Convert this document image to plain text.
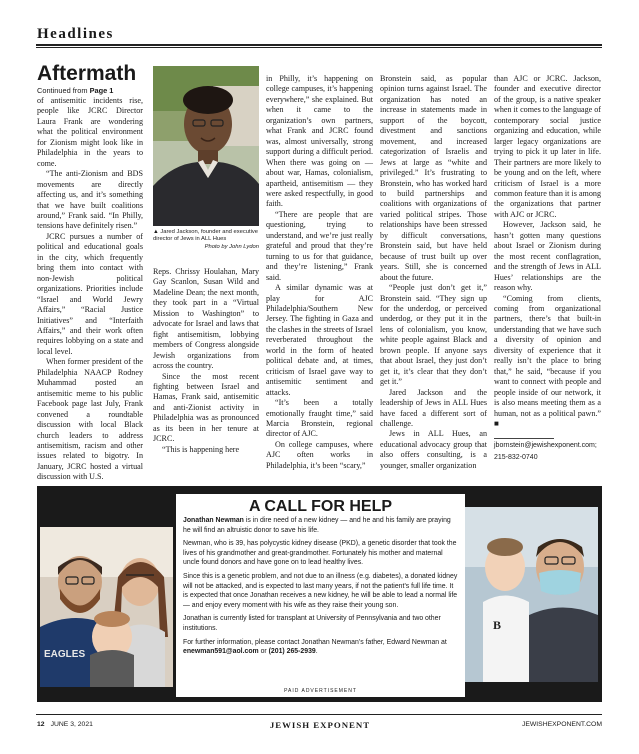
Headlines
Aftermath
Continued from Page 1

of antisemitic incidents rise, people like JCRC Director Laura Frank are wondering what the political environment for Zionism might look like in Philadelphia in the years to come.

“The anti-Zionism and BDS movements are directly affecting us, and it’s something that we have built coalitions around,” Frank said. “In Philly, tensions have definitely risen.”

JCRC pursues a number of political and educational goals in the city, which frequently bring them into contact with non-Jewish political organizations. Priorities include “Israel and World Jewry Affairs,” “Racial Justice Initiatives” and “Interfaith Affairs,” and their work often requires lobbying on a state and local level.

When former president of the Philadelphia NAACP Rodney Muhammad posted an antisemitic meme to his public Facebook page last July, Frank convened a roundtable discussion with local Black church leaders to address antisemitism, racism and other issues related to bigotry. In January, JCRC hosted a virtual discussion with U.S.

▲ Jared Jackson, founder and executive director of Jews in ALL Hues
Photo by John Lydon

Reps. Chrissy Houlahan, Mary Gay Scanlon, Susan Wild and Madeline Dean; the next month, they took part in a “Virtual Mission to Washington” to advocate for Israel and laws that fight antisemitism, lobbying members of Congress alongside Jewish organizations from across the country.

Since the most recent fighting between Israel and Hamas, Frank said, antisemitic and anti-Zionist activity in Philadelphia was as pronounced as its been in her tenure at JCRC.

“This is happening here

in Philly, it’s happening on college campuses, it’s happening everywhere,” she explained. But when it came to the organization’s own partners, what Frank and JCRC found was, almost universally, strong support during a difficult period. When there was going on — about war, Hamas, colonialism, apartheid, antisemitism — they were asked respectfully, in good faith.

“There are people that are questioning, trying to understand, and we’re just really grateful and proud that they’re turning to us for that guidance, and they’re listening,” Frank said.

A similar dynamic was at play for AJC Philadelphia/Southern New Jersey. The fighting in Gaza and the clashes in the streets of Israel reverberated throughout the world in the form of heated political debate and, at times, criticism of Israel gave way to antisemitic sentiment and attacks.

“It’s been a totally emotionally fraught time,” said Marcia Bronstein, regional director of AJC.

On college campuses, where AJC often works in Philadelphia, it’s been “scary,”

Bronstein said, as popular opinion turns against Israel. The organization has noted an increase in statements made in support of the boycott, divestment and sanctions movement, and increased categorization of Israelis and Jews at large as “white and privileged.” It’s frustrating to Bronstein, who has worked hard to build partnerships and coalitions with organizations of varied political stripes. Those relationships have been stressed by difficult conversations, Bronstein said, but have held because of trust built up over years. Still, she is concerned about the future.

“People just don’t get it,” Bronstein said. “They sign up for the underdog, or perceived underdog, or they put it in the lens of colonialism, you know, white people against Black and brown people. If anyone says that about Israel, they just don’t get it, it’s clear that they don’t get it.”

Jared Jackson and the leadership of Jews in ALL Hues have faced a different sort of challenge.

Jews in ALL Hues, an educational advocacy group that also offers consulting, is a younger, smaller organization

than AJC or JCRC. Jackson, founder and executive director of the group, is a native speaker when it comes to the language of contemporary social justice organizing and education, while larger legacy organizations are trying to pick it up later in life. Their partners are more likely to be young and on the left, where criticism of Israel is a more common feature than it is among the organizations that partner with AJC or JCRC.

However, Jackson said, he hasn’t gotten many questions about Israel or Zionism during the most recent conflagration, and the strength of Jews in ALL Hues’ relationships are the reason why.

“Coming from clients, coming from organizational partners, there’s that built-in understanding that we have such a diversity of opinion and diversity of experience that it really isn’t the place to bring that,” he said, “because if you want to connect with people and people inside of our network, it is also means meeting them as a human, not as a political pawn.” ■

jbornstein@jewishexponent.com;
215-832-0740
EAGLES
B
A CALL FOR HELP

Jonathan Newman is in dire need of a new kidney — and he and his family are praying he will find an altruistic donor to save his life.

Newman, who is 39, has polycystic kidney disease (PKD), a genetic disorder that took the lives of his grandmother and great-grandmother. Fortunately his mother and maternal uncle found donors and have gone on to lead healthy lives.

Since this is a genetic problem, and not due to an illness (e.g. diabetes), a donated kidney will not be attacked, and is expected to last many years, if not the patient’s full life time. It is expected that once Jonathan receives a new kidney, he will be able to lead a normal life — and enjoy every moment with his wife as they raise their young son.

Jonathan is currently listed for transplant at University of Pennsylvania and two other institutions.

For further information, please contact Jonathan Newman’s father, Edward Newman at enewman591@aol.com or (201) 265-2939.

PAID ADVERTISEMENT
12 JUNE 3, 2021	JEWISH EXPONENT	JEWISHEXPONENT.COM
